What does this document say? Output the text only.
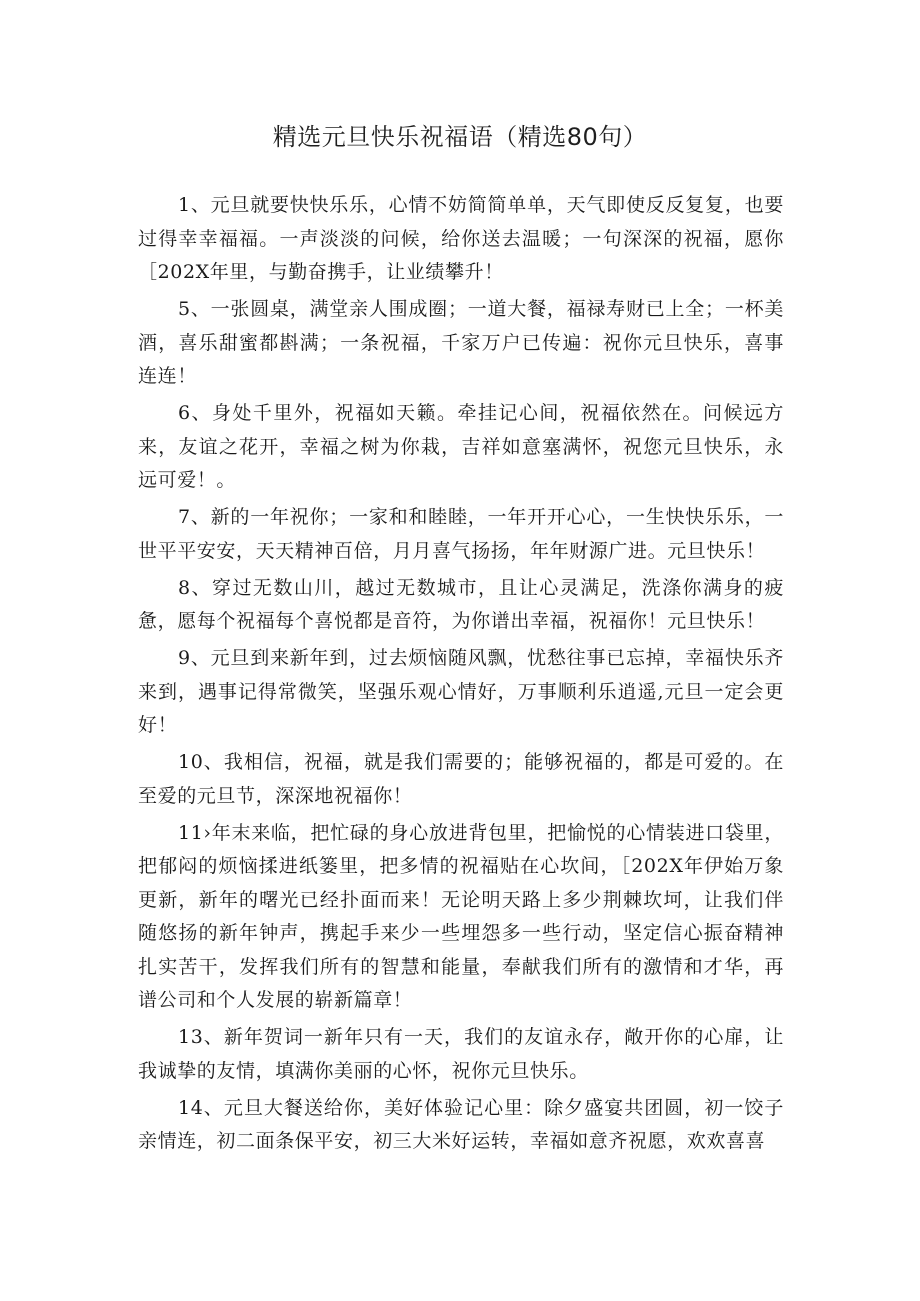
精选元旦快乐祝福语（精选80句）

1、元旦就要快快乐乐，心情不妨简简单单，天气即使反反复复，也要过得幸幸福福。一声淡淡的问候，给你送去温暖；一句深深的祝福，愿你［202X年里，与勤奋携手，让业绩攀升！

5、一张圆桌，满堂亲人围成圈；一道大餐，福禄寿财已上全；一杯美酒，喜乐甜蜜都斟满；一条祝福，千家万户已传遍：祝你元旦快乐，喜事连连！

6、身处千里外，祝福如天籁。牵挂记心间，祝福依然在。问候远方来，友谊之花开，幸福之树为你栽，吉祥如意塞满怀，祝您元旦快乐，永远可爱！。

7、新的一年祝你；一家和和睦睦，一年开开心心，一生快快乐乐，一世平平安安，天天精神百倍，月月喜气扬扬，年年财源广进。元旦快乐！

8、穿过无数山川，越过无数城市，且让心灵满足，洗涤你满身的疲惫，愿每个祝福每个喜悦都是音符，为你谱出幸福，祝福你！元旦快乐！

9、元旦到来新年到，过去烦恼随风飘，忧愁往事已忘掉，幸福快乐齐来到，遇事记得常微笑，坚强乐观心情好，万事顺利乐逍遥,元旦一定会更好！

10、我相信，祝福，就是我们需要的；能够祝福的，都是可爱的。在至爱的元旦节，深深地祝福你！

11›年末来临，把忙碌的身心放进背包里，把愉悦的心情装进口袋里，把郁闷的烦恼揉进纸篓里，把多情的祝福贴在心坎间，［202X年伊始万象更新，新年的曙光已经扑面而来！无论明天路上多少荆棘坎坷，让我们伴随悠扬的新年钟声，携起手来少一些埋怨多一些行动，坚定信心振奋精神扎实苦干，发挥我们所有的智慧和能量，奉献我们所有的激情和才华，再谱公司和个人发展的崭新篇章！

13、新年贺词一新年只有一天，我们的友谊永存，敞开你的心扉，让我诚挚的友情，填满你美丽的心怀，祝你元旦快乐。

14、元旦大餐送给你，美好体验记心里：除夕盛宴共团圆，初一饺子亲情连，初二面条保平安，初三大米好运转，幸福如意齐祝愿，欢欢喜喜
